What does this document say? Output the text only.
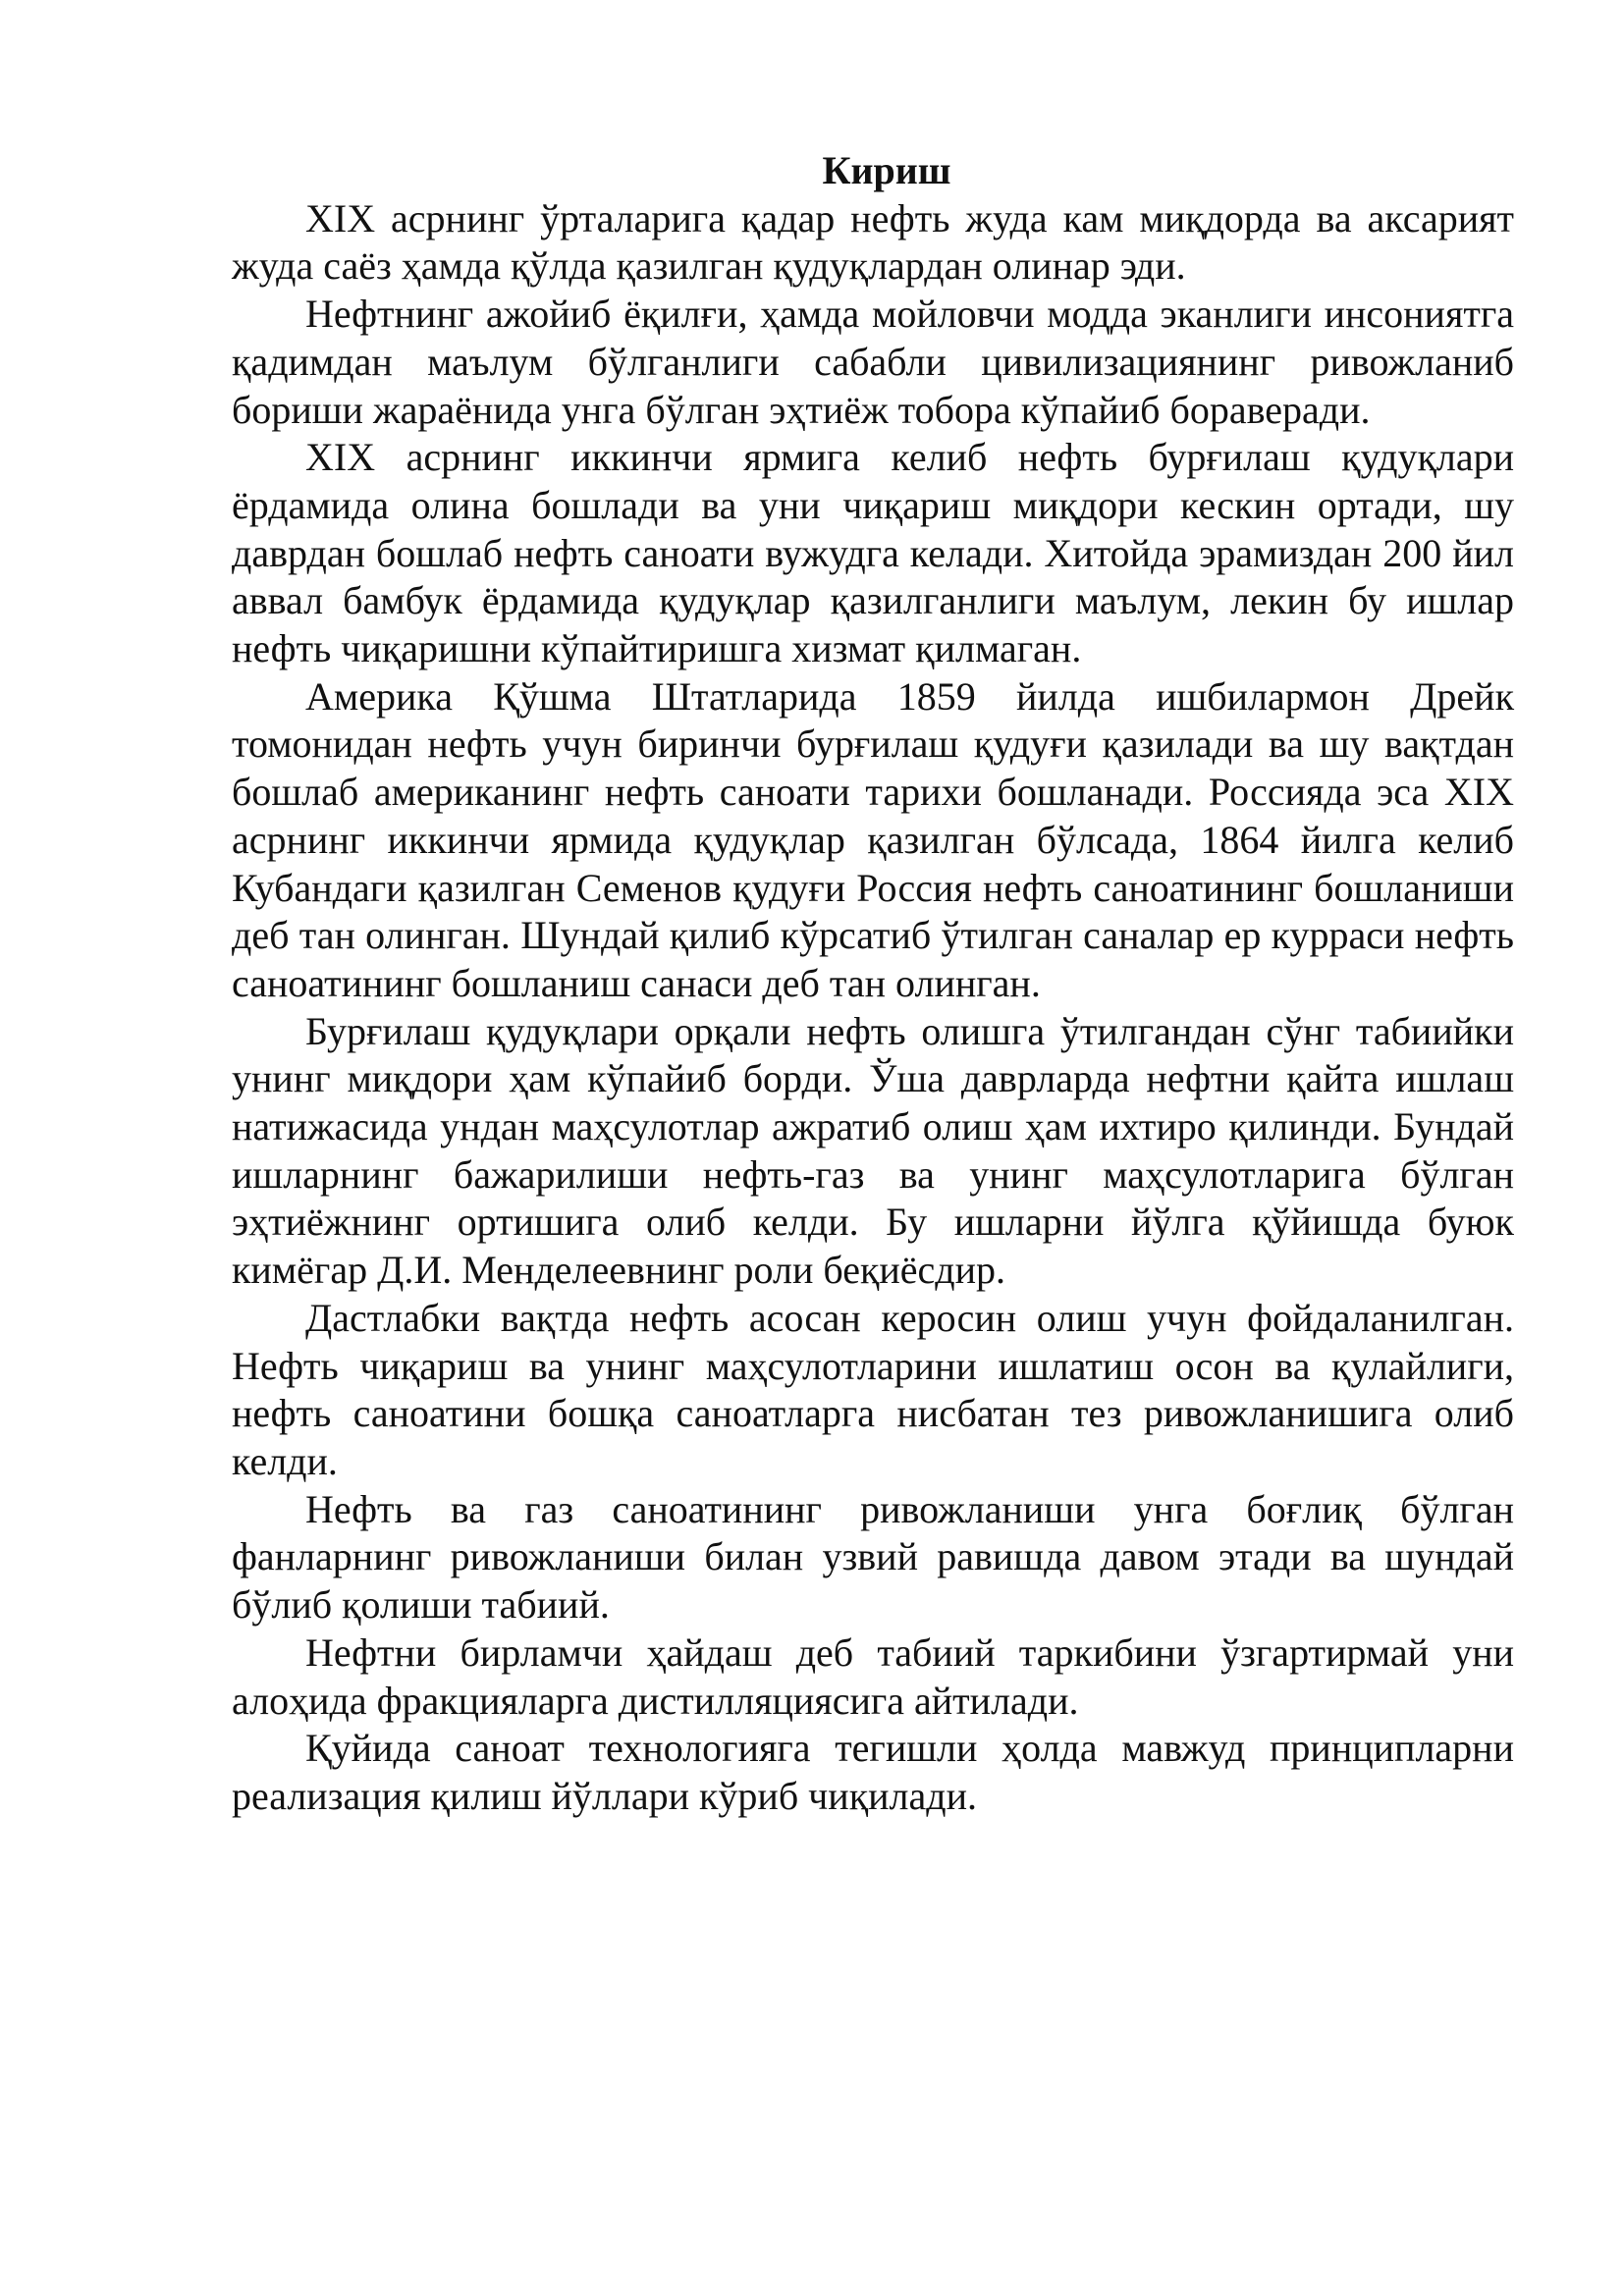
Кириш

XIX асрнинг ўрталарига қадар нефть жуда кам миқдорда ва аксарият жуда саёз ҳамда қўлда қазилган қудуқлардан олинар эди.

Нефтнинг ажойиб ёқилғи, ҳамда мойловчи модда эканлиги инсониятга қадимдан маълум бўлганлиги сабабли цивилизациянинг ривожланиб бориши жараёнида унга бўлган эҳтиёж тобора кўпайиб бораверади.

XIX асрнинг иккинчи ярмига келиб нефть бурғилаш қудуқлари ёрдамида олина бошлади ва уни чиқариш миқдори кескин ортади, шу даврдан бошлаб нефть саноати вужудга келади. Хитойда эрамиздан 200 йил аввал бамбук ёрдамида қудуқлар қазилганлиги маълум, лекин бу ишлар нефть чиқаришни кўпайтиришга хизмат қилмаган.

Америка Қўшма Штатларида 1859 йилда ишбилармон Дрейк томонидан нефть учун биринчи бурғилаш қудуғи қазилади ва шу вақтдан бошлаб американинг нефть саноати тарихи бошланади. Россияда эса XIX асрнинг иккинчи ярмида қудуқлар қазилган бўлсада, 1864 йилга келиб Кубандаги қазилган Семенов қудуғи Россия нефть саноатининг бошланиши деб тан олинган. Шундай қилиб кўрсатиб ўтилган саналар ер курраси нефть саноатининг бошланиш санаси деб тан олинган.

Бурғилаш қудуқлари орқали нефть олишга ўтилгандан сўнг табиийки унинг миқдори ҳам кўпайиб борди. Ўша даврларда нефтни қайта ишлаш натижасида ундан маҳсулотлар ажратиб олиш ҳам ихтиро қилинди. Бундай ишларнинг бажарилиши нефть-газ ва унинг маҳсулотларига бўлган эҳтиёжнинг ортишига олиб келди. Бу ишларни йўлга қўйишда буюк кимёгар Д.И. Менделеевнинг роли беқиёсдир.

Дастлабки вақтда нефть асосан керосин олиш учун фойдаланилган. Нефть чиқариш ва унинг маҳсулотларини ишлатиш осон ва қулайлиги, нефть саноатини бошқа саноатларга нисбатан тез ривожланишига олиб келди.

Нефть ва газ саноатининг ривожланиши унга боғлиқ бўлган фанларнинг ривожланиши билан узвий равишда давом этади ва шундай бўлиб қолиши табиий.

Нефтни бирламчи ҳайдаш деб табиий таркибини ўзгартирмай уни алоҳида фракцияларга дистилляциясига айтилади.

Қуйида саноат технологияга тегишли ҳолда мавжуд принципларни реализация қилиш йўллари кўриб чиқилади.
